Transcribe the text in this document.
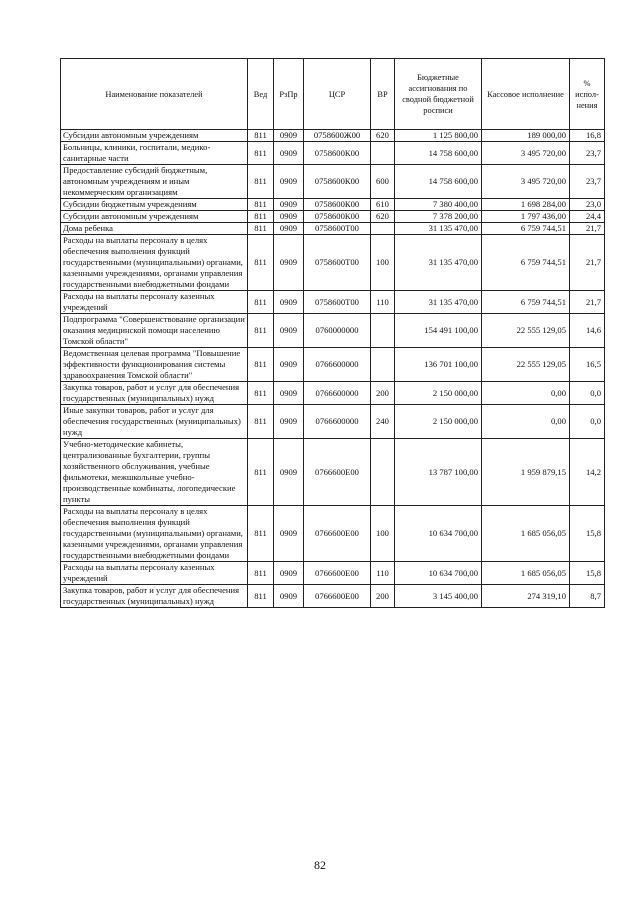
Наименование показателей	Вед	РзПр	ЦСР	ВР	Бюджетные ассигнования по сводной бюджетной росписи	Кассовое исполнение	% испол-нения
Субсидии автономным учреждениям	811	0909	0758600Ж00	620	1 125 800,00	189 000,00	16,8
Больницы, клиники, госпитали, медико-санитарные части	811	0909	0758600К00		14 758 600,00	3 495 720,00	23,7
Предоставление субсидий бюджетным, автономным учреждениям и иным некоммерческим организациям	811	0909	0758600К00	600	14 758 600,00	3 495 720,00	23,7
Субсидии бюджетным учреждениям	811	0909	0758600К00	610	7 380 400,00	1 698 284,00	23,0
Субсидии автономным учреждениям	811	0909	0758600К00	620	7 378 200,00	1 797 436,00	24,4
Дома ребенка	811	0909	0758600Т00		31 135 470,00	6 759 744,51	21,7
Расходы на выплаты персоналу в целях обеспечения выполнения функций государственными (муниципальными) органами, казенными учреждениями, органами управления государственными внебюджетными фондами	811	0909	0758600Т00	100	31 135 470,00	6 759 744,51	21,7
Расходы на выплаты персоналу казенных учреждений	811	0909	0758600Т00	110	31 135 470,00	6 759 744,51	21,7
Подпрограмма "Совершенствование организации оказания медицинской помощи населению Томской области"	811	0909	0760000000		154 491 100,00	22 555 129,05	14,6
Ведомственная целевая программа "Повышение эффективности функционирования системы здравоохранения Томской области"	811	0909	0766600000		136 701 100,00	22 555 129,05	16,5
Закупка товаров, работ и услуг для обеспечения государственных (муниципальных) нужд	811	0909	0766600000	200	2 150 000,00	0,00	0,0
Иные закупки товаров, работ и услуг для обеспечения государственных (муниципальных) нужд	811	0909	0766600000	240	2 150 000,00	0,00	0,0
Учебно-методические кабинеты, централизованные бухгалтерии, группы хозяйственного обслуживания, учебные фильмотеки, межшкольные учебно-производственные комбинаты, логопедические пункты	811	0909	0766600Е00		13 787 100,00	1 959 879,15	14,2
Расходы на выплаты персоналу в целях обеспечения выполнения функций государственными (муниципальными) органами, казенными учреждениями, органами управления государственными внебюджетными фондами	811	0909	0766600Е00	100	10 634 700,00	1 685 056,05	15,8
Расходы на выплаты персоналу казенных учреждений	811	0909	0766600Е00	110	10 634 700,00	1 685 056,05	15,8
Закупка товаров, работ и услуг для обеспечения государственных (муниципальных) нужд	811	0909	0766600Е00	200	3 145 400,00	274 319,10	8,7
82
